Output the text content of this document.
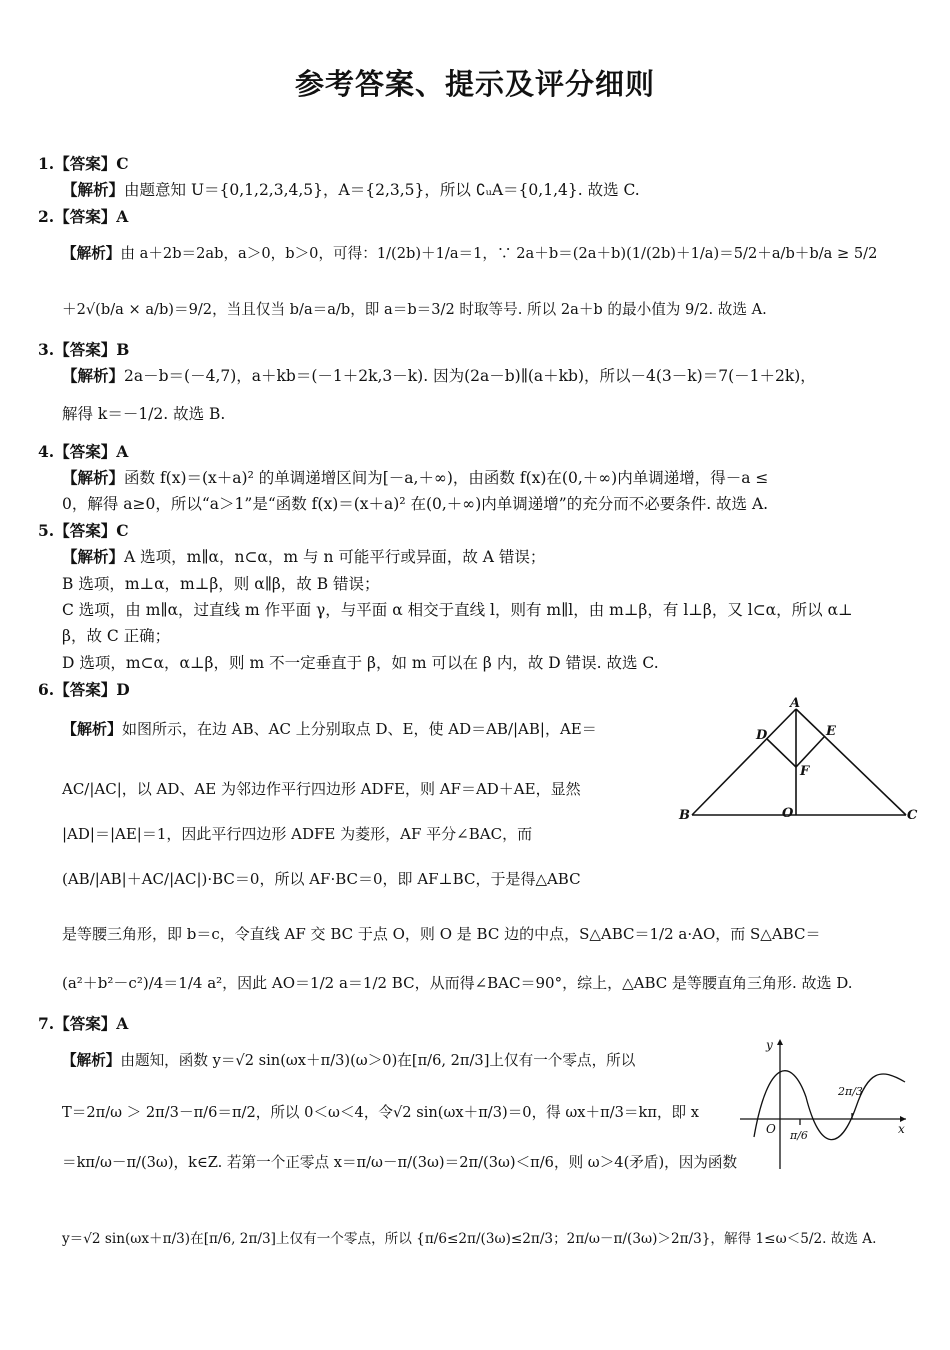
参考答案、提示及评分细则
1.【答案】C
【解析】由题意知 U＝{0,1,2,3,4,5}，A＝{2,3,5}，所以 ∁ᵤA＝{0,1,4}. 故选 C.
2.【答案】A
【解析】由 a＋2b＝2ab，a＞0，b＞0，可得：1/(2b)＋1/a＝1，∵ 2a＋b＝(2a＋b)(1/(2b)＋1/a)＝5/2＋a/b＋b/a ≥ 5/2
＋2√(b/a × a/b)＝9/2，当且仅当 b/a＝a/b，即 a＝b＝3/2 时取等号. 所以 2a＋b 的最小值为 9/2. 故选 A.
3.【答案】B
【解析】2a－b＝(－4,7)，a＋kb＝(－1＋2k,3－k). 因为(2a－b)∥(a＋kb)，所以－4(3－k)＝7(－1＋2k)，
解得 k＝－1/2. 故选 B.
4.【答案】A
【解析】函数 f(x)＝(x＋a)² 的单调递增区间为[－a,＋∞)，由函数 f(x)在(0,＋∞)内单调递增，得－a ≤
0，解得 a≥0，所以“a＞1”是“函数 f(x)＝(x＋a)² 在(0,＋∞)内单调递增”的充分而不必要条件. 故选 A.
5.【答案】C
【解析】A 选项，m∥α，n⊂α，m 与 n 可能平行或异面，故 A 错误；
B 选项，m⊥α，m⊥β，则 α∥β，故 B 错误；
C 选项，由 m∥α，过直线 m 作平面 γ，与平面 α 相交于直线 l，则有 m∥l，由 m⊥β，有 l⊥β，又 l⊂α，所以 α⊥
β，故 C 正确；
D 选项，m⊂α，α⊥β，则 m 不一定垂直于 β，如 m 可以在 β 内，故 D 错误. 故选 C.
6.【答案】D
【解析】如图所示，在边 AB、AC 上分别取点 D、E，使 AD＝AB/|AB|，AE＝
AC/|AC|，以 AD、AE 为邻边作平行四边形 ADFE，则 AF＝AD＋AE，显然
|AD|＝|AE|＝1，因此平行四边形 ADFE 为菱形，AF 平分∠BAC，而
(AB/|AB|＋AC/|AC|)·BC＝0，所以 AF·BC＝0，即 AF⊥BC，于是得△ABC
是等腰三角形，即 b＝c，令直线 AF 交 BC 于点 O，则 O 是 BC 边的中点，S△ABC＝1/2 a·AO，而 S△ABC＝
(a²＋b²－c²)/4＝1/4 a²，因此 AO＝1/2 a＝1/2 BC，从而得∠BAC＝90°，综上，△ABC 是等腰直角三角形. 故选 D.
A
B	C
D	E
F
O
7.【答案】A
【解析】由题知，函数 y＝√2 sin(ωx＋π/3)(ω＞0)在[π/6, 2π/3]上仅有一个零点，所以
T＝2π/ω ＞ 2π/3－π/6＝π/2，所以 0＜ω＜4，令√2 sin(ωx＋π/3)＝0，得 ωx＋π/3＝kπ，即 x
＝kπ/ω－π/(3ω)，k∈Z. 若第一个正零点 x＝π/ω－π/(3ω)＝2π/(3ω)＜π/6，则 ω＞4(矛盾)，因为函数
y＝√2 sin(ωx＋π/3)在[π/6, 2π/3]上仅有一个零点，所以 {π/6≤2π/(3ω)≤2π/3；2π/ω－π/(3ω)＞2π/3}，解得 1≤ω＜5/2. 故选 A.
y
x
O π/6
2π/3
